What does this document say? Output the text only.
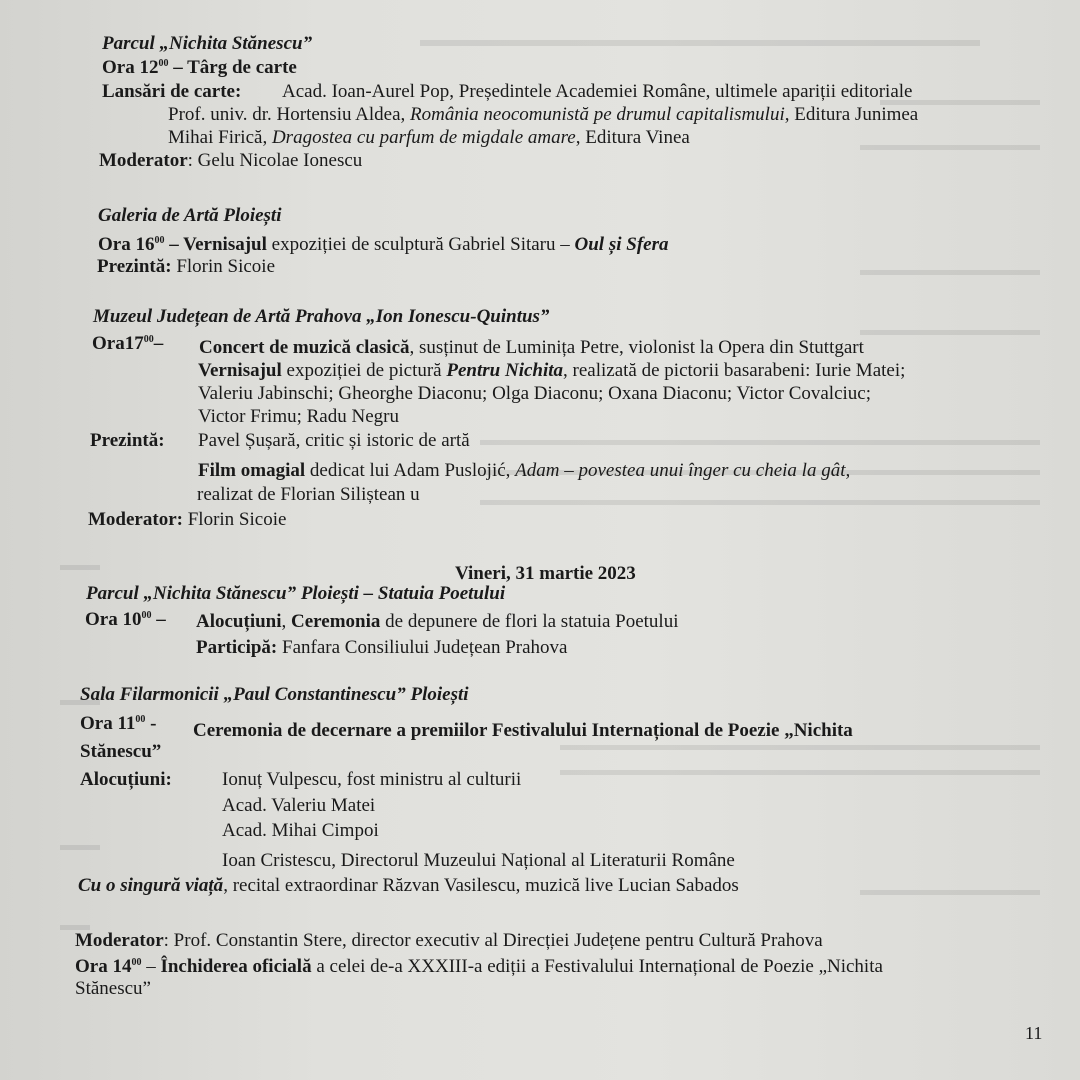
Parcul „Nichita Stănescu”
Ora $12^{00}$ – Târg de carte
Lansări de carte: Acad. Ioan-Aurel Pop, Președintele Academiei Române, ultimele apariții editoriale
Prof. univ. dr. Hortensiu Aldea, România neocomunistă pe drumul capitalismului, Editura Junimea
Mihai Firică, Dragostea cu parfum de migdale amare, Editura Vinea
Moderator: Gelu Nicolae Ionescu
Galeria de Artă Ploiești
Ora $16^{00}$ – Vernisajul expoziției de sculptură Gabriel Sitaru – Oul și Sfera
Prezintă: Florin Sicoie
Muzeul Județean de Artă Prahova „Ion Ionescu-Quintus”
$Ora17^{00}-$ Concert de muzică clasică, susținut de Luminița Petre, violonist la Opera din Stuttgart
Vernisajul expoziției de pictură Pentru Nichita, realizată de pictorii basarabeni: Iurie Matei;
Valeriu Jabinschi; Gheorghe Diaconu; Olga Diaconu; Oxana Diaconu; Victor Covalciuc;
Victor Frimu; Radu Negru
Prezintă: Pavel Șușară, critic și istoric de artă
Film omagial dedicat lui Adam Puslojić, Adam – povestea unui înger cu cheia la gât,
realizat de Florian Siliștean u
Moderator: Florin Sicoie
Vineri, 31 martie 2023
Parcul „Nichita Stănescu” Ploiești – Statuia Poetului
Ora $10^{00}$ – Alocuțiuni, Ceremonia de depunere de flori la statuia Poetului
Participă: Fanfara Consiliului Județean Prahova
Sala Filarmonicii „Paul Constantinescu” Ploiești
Ora $11^{00}$ - Ceremonia de decernare a premiilor Festivalului Internațional de Poezie „Nichita
Stănescu”
Alocuțiuni:	Ionuț Vulpescu, fost ministru al culturii
Acad. Valeriu Matei
Acad. Mihai Cimpoi
Ioan Cristescu, Directorul Muzeului Național al Literaturii Române
Cu o singură viață, recital extraordinar Răzvan Vasilescu, muzică live Lucian Sabados
Moderator: Prof. Constantin Stere, director executiv al Direcției Județene pentru Cultură Prahova
Ora $14^{00}$ – Închiderea oficială a celei de-a XXXIII-a ediții a Festivalului Internațional de Poezie „Nichita
Stănescu”
11
